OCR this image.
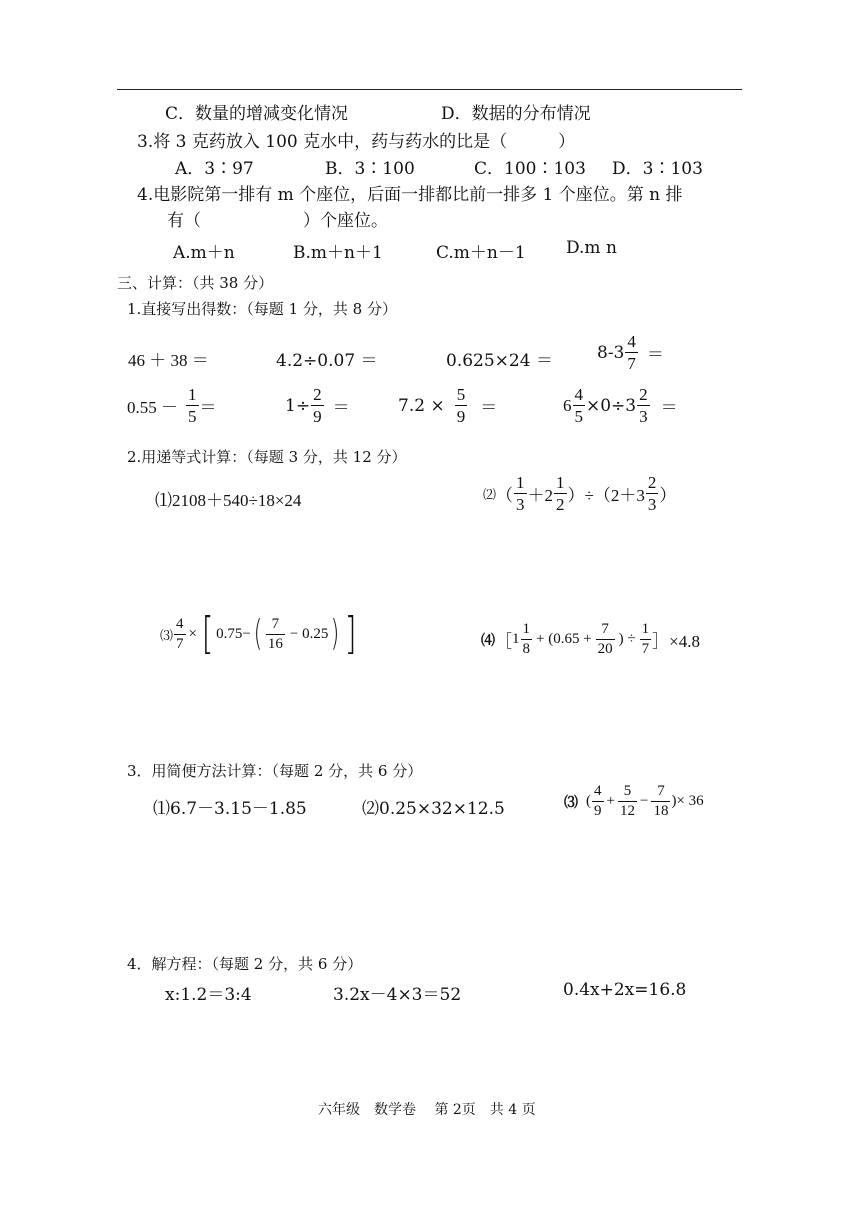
C．数量的增减变化情况	D．数据的分布情况
3.将 3 克药放入 100 克水中，药与药水的比是（　　　）
A．3∶97	B．3∶100	C．100∶103 D．3∶103
4.电影院第一排有 m 个座位，后面一排都比前一排多 1 个座位。第 n 排
有（　　　　　　）个座位。
A.m＋n	B.m＋n＋1	C.m＋n－1 D.m n
三、计算：（共 38 分）
1.直接写出得数：（每题 1 分，共 8 分）
46 ＋ 38 ＝	4.2÷0.07 ＝	0.625×24 ＝	$8-3 \frac{4}{7}$ ＝
$0.55 - \frac{1}{5}$ ＝	$1\div \frac{2}{9}$ ＝	$7.2 \times \frac{5}{9}$ ＝	$6 \frac{4}{5} \times 0\div 3 \frac{2}{3}$ ＝
2.用递等式计算：（每题 3 分，共 12 分）
⑴2108＋540÷18×24	⑵ （ $\frac{1}{3} +2 \frac{1}{2} )\div(2+3 \frac{2}{3}$ ）
⑶ $\frac{4}{7}$ × [ 0.75− ( $\frac{7}{16} - 0.25$ ) ]	⑷ ［ $1 \frac{1}{8} + (0.65 + \frac{7}{20}$ ) ÷ $\frac{1}{7}$ ］×4.8
3．用简便方法计算：（每题 2 分，共 6 分）
⑴6.7－3.15－1.85	⑵0.25×32×12.5	⑶ ( $\frac{4}{9} + \frac{5}{12} - \frac{7}{18}$ )× 36
4．解方程：（每题 2 分，共 6 分）
x:1.2＝3:4	3.2x－4×3＝52	0.4x+2x=16.8
六年级　数学卷　 第 2页　共 4 页
